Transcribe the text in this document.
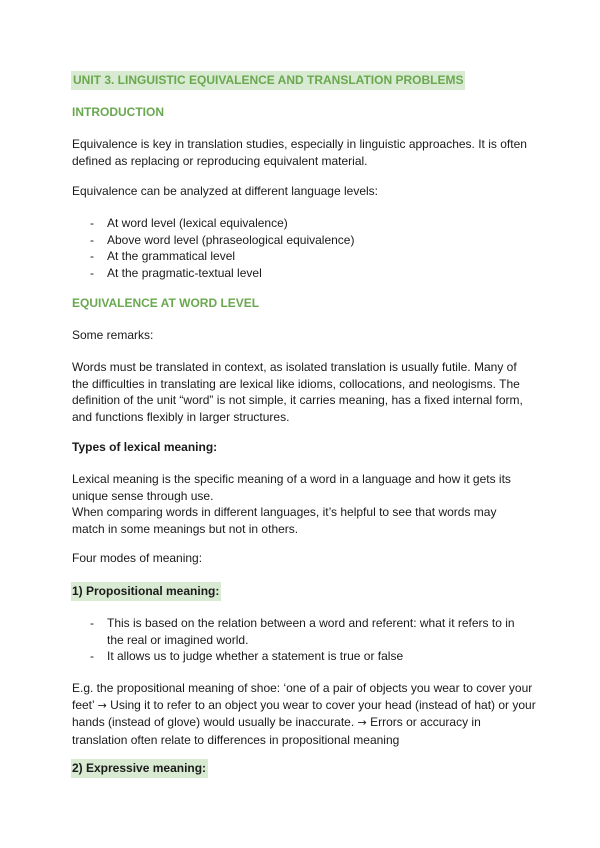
UNIT 3. LINGUISTIC EQUIVALENCE AND TRANSLATION PROBLEMS
INTRODUCTION

Equivalence is key in translation studies, especially in linguistic approaches. It is often defined as replacing or reproducing equivalent material.

Equivalence can be analyzed at different language levels:

- At word level (lexical equivalence)
- Above word level (phraseological equivalence)
- At the grammatical level
- At the pragmatic-textual level
EQUIVALENCE AT WORD LEVEL

Some remarks:

Words must be translated in context, as isolated translation is usually futile. Many of the difficulties in translating are lexical like idioms, collocations, and neologisms. The definition of the unit “word” is not simple, it carries meaning, has a fixed internal form, and functions flexibly in larger structures.

Types of lexical meaning:

Lexical meaning is the specific meaning of a word in a language and how it gets its unique sense through use.

When comparing words in different languages, it’s helpful to see that words may match in some meanings but not in others.

Four modes of meaning:

1) Propositional meaning:
- This is based on the relation between a word and referent: what it refers to in the real or imagined world.
- It allows us to judge whether a statement is true or false

E.g. the propositional meaning of shoe: ‘one of a pair of objects you wear to cover your feet’ → Using it to refer to an object you wear to cover your head (instead of hat) or your hands (instead of glove) would usually be inaccurate. → Errors or accuracy in translation often relate to differences in propositional meaning

2) Expressive meaning:
